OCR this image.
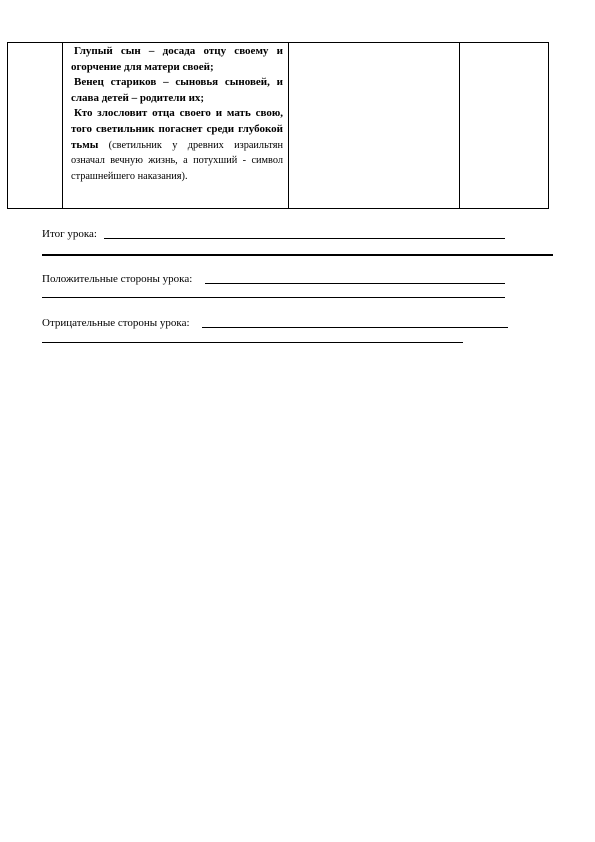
Глупый сын – досада отцу своему и огорчение для матери своей;

Венец стариков – сыновья сыновей, и слава детей – родители их;

Кто злословит отца своего и мать свою, того светильник погаснет среди глубокой тьмы (светильник у древних израильтян означал вечную жизнь, а потухший - символ страшнейшего наказания).

Итог урока:
Положительные стороны урока:
Отрицательные стороны урока:
